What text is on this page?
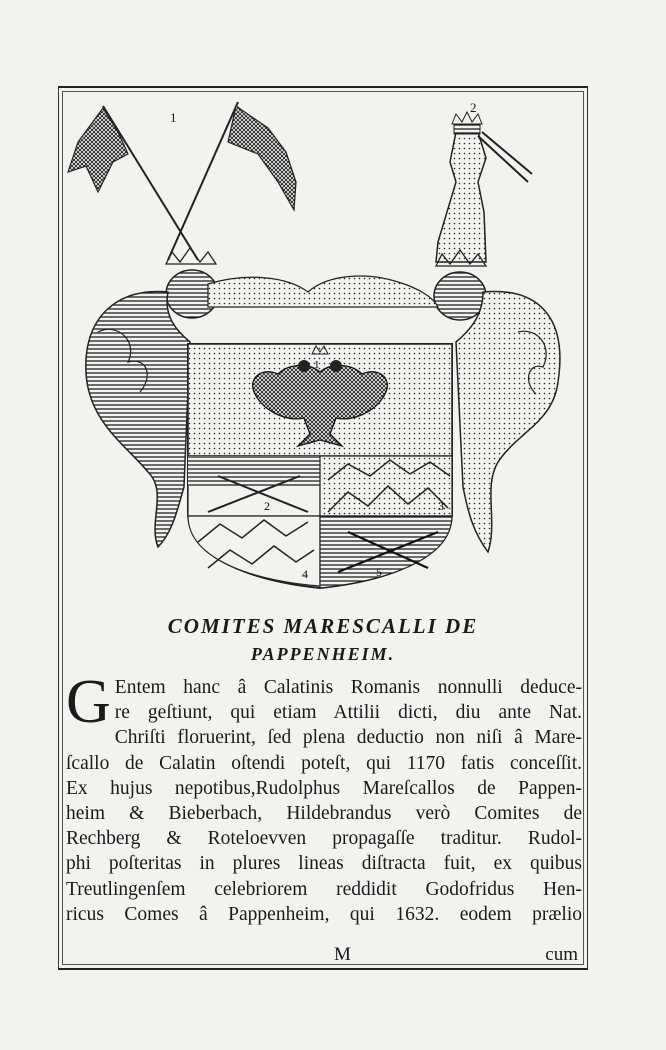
1
2
1
2	3
4	5
COMITES MARESCALLI DE
PAPPENHEIM.
G Entem hanc â Calatinis Romanis nonnulli deduce-
re geſtiunt, qui etiam Attilii dicti, diu ante Nat.
Chriſti floruerint, ſed plena deductio non niſi â Mare-
ſcallo de Calatin oſtendi poteſt, qui 1170 fatis conceſſit.
Ex hujus nepotibus,Rudolphus Mareſcallos de Pappen-
heim & Bieberbach, Hildebrandus verò Comites de
Rechberg & Roteloevven propagaſſe traditur. Rudol-
phi poſteritas in plures lineas diſtracta fuit, ex quibus
Treutlingenſem celebriorem reddidit Godofridus Hen-
ricus Comes â Pappenheim, qui 1632. eodem prælio
M	cum
